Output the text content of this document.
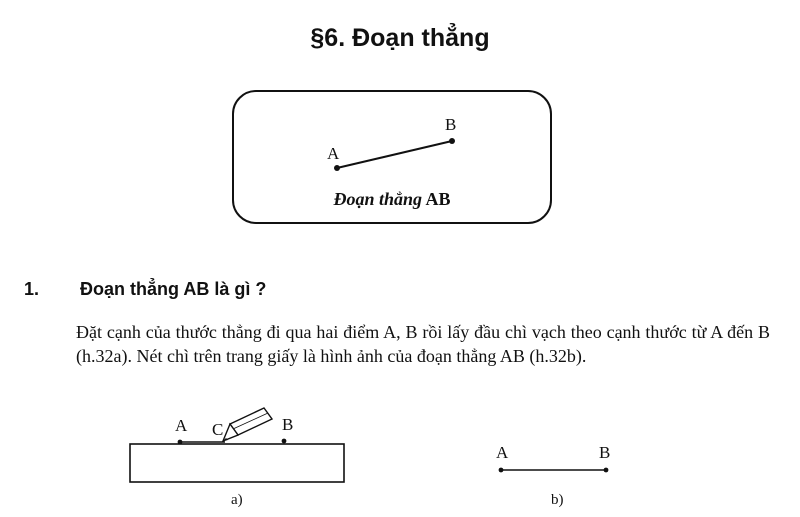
§6. Đoạn thẳng
Đoạn thẳng AB
A
B
1. Đoạn thẳng AB là gì ?
Đặt cạnh của thước thẳng đi qua hai điểm A, B rồi lấy đầu chì vạch theo cạnh thước từ A đến B (h.32a). Nét chì trên trang giấy là hình ảnh của đoạn thẳng AB (h.32b).
A C	B
a)
A	B
b)
